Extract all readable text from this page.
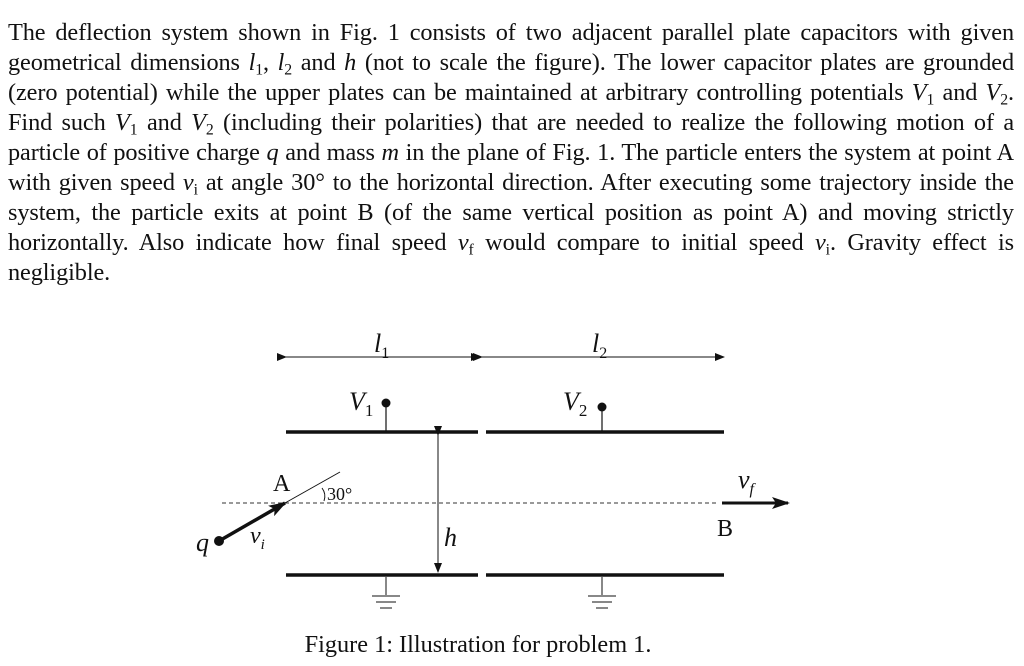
The deflection system shown in Fig. 1 consists of two adjacent parallel plate capacitors with given geometrical dimensions $l_1$, $l_2$ and h (not to scale the figure). The lower capacitor plates are grounded (zero potential) while the upper plates can be maintained at arbitrary controlling potentials $V_1$ and $V_2$. Find such $V_1$ and $V_2$ (including their polarities) that are needed to realize the following motion of a particle of positive charge q and mass m in the plane of Fig. 1. The particle enters the system at point A with given speed $v_i$ at angle 30° to the horizontal direction. After executing some trajectory inside the system, the particle exits at point B (of the same vertical position as point A) and moving strictly horizontally. Also indicate how final speed $v_f$ would compare to initial speed $v_i$. Gravity effect is negligible.

$l_1$	$l_2$
$V_1$	$V_2$
h
A 30°
q $v_i$
$v_f$
B

Figure 1: Illustration for problem 1.
